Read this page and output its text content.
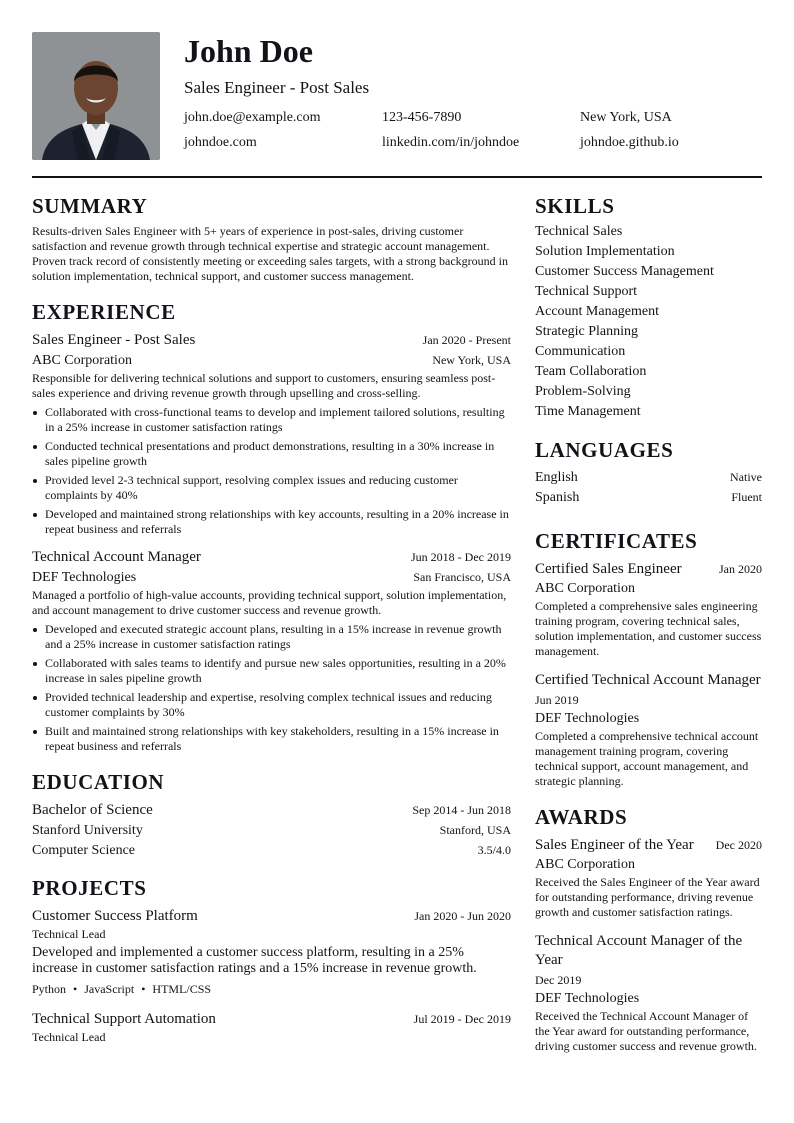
John Doe
Sales Engineer - Post Sales
john.doe@example.com	123-456-7890	New York, USA
johndoe.com	linkedin.com/in/johndoe	johndoe.github.io
SUMMARY
Results-driven Sales Engineer with 5+ years of experience in post-sales, driving customer satisfaction and revenue growth through technical expertise and strategic account management. Proven track record of consistently meeting or exceeding sales targets, with a strong background in solution implementation, technical support, and customer success management.
EXPERIENCE
Sales Engineer - Post Sales	Jan 2020 - Present
ABC Corporation	New York, USA
Responsible for delivering technical solutions and support to customers, ensuring seamless post-sales experience and driving revenue growth through upselling and cross-selling.
Collaborated with cross-functional teams to develop and implement tailored solutions, resulting in a 25% increase in customer satisfaction ratings
Conducted technical presentations and product demonstrations, resulting in a 30% increase in sales pipeline growth
Provided level 2-3 technical support, resolving complex issues and reducing customer complaints by 40%
Developed and maintained strong relationships with key accounts, resulting in a 20% increase in repeat business and referrals
Technical Account Manager	Jun 2018 - Dec 2019
DEF Technologies	San Francisco, USA
Managed a portfolio of high-value accounts, providing technical support, solution implementation, and account management to drive customer success and revenue growth.
Developed and executed strategic account plans, resulting in a 15% increase in revenue growth and a 25% increase in customer satisfaction ratings
Collaborated with sales teams to identify and pursue new sales opportunities, resulting in a 20% increase in sales pipeline growth
Provided technical leadership and expertise, resolving complex technical issues and reducing customer complaints by 30%
Built and maintained strong relationships with key stakeholders, resulting in a 15% increase in repeat business and referrals
EDUCATION
Bachelor of Science	Sep 2014 - Jun 2018
Stanford University	Stanford, USA
Computer Science	3.5/4.0
PROJECTS
Customer Success Platform	Jan 2020 - Jun 2020
Technical Lead
Developed and implemented a customer success platform, resulting in a 25% increase in customer satisfaction ratings and a 15% increase in revenue growth.
Python • JavaScript • HTML/CSS
Technical Support Automation	Jul 2019 - Dec 2019
Technical Lead
SKILLS
Technical Sales
Solution Implementation
Customer Success Management
Technical Support
Account Management
Strategic Planning
Communication
Team Collaboration
Problem-Solving
Time Management
LANGUAGES
English	Native
Spanish	Fluent
CERTIFICATES
Certified Sales Engineer	Jan 2020
ABC Corporation
Completed a comprehensive sales engineering training program, covering technical sales, solution implementation, and customer success management.
Certified Technical Account Manager
Jun 2019
DEF Technologies
Completed a comprehensive technical account management training program, covering technical support, account management, and strategic planning.
AWARDS
Sales Engineer of the Year Dec 2020
ABC Corporation
Received the Sales Engineer of the Year award for outstanding performance, driving revenue growth and customer satisfaction ratings.
Technical Account Manager of the Year
Dec 2019
DEF Technologies
Received the Technical Account Manager of the Year award for outstanding performance, driving customer success and revenue growth.
